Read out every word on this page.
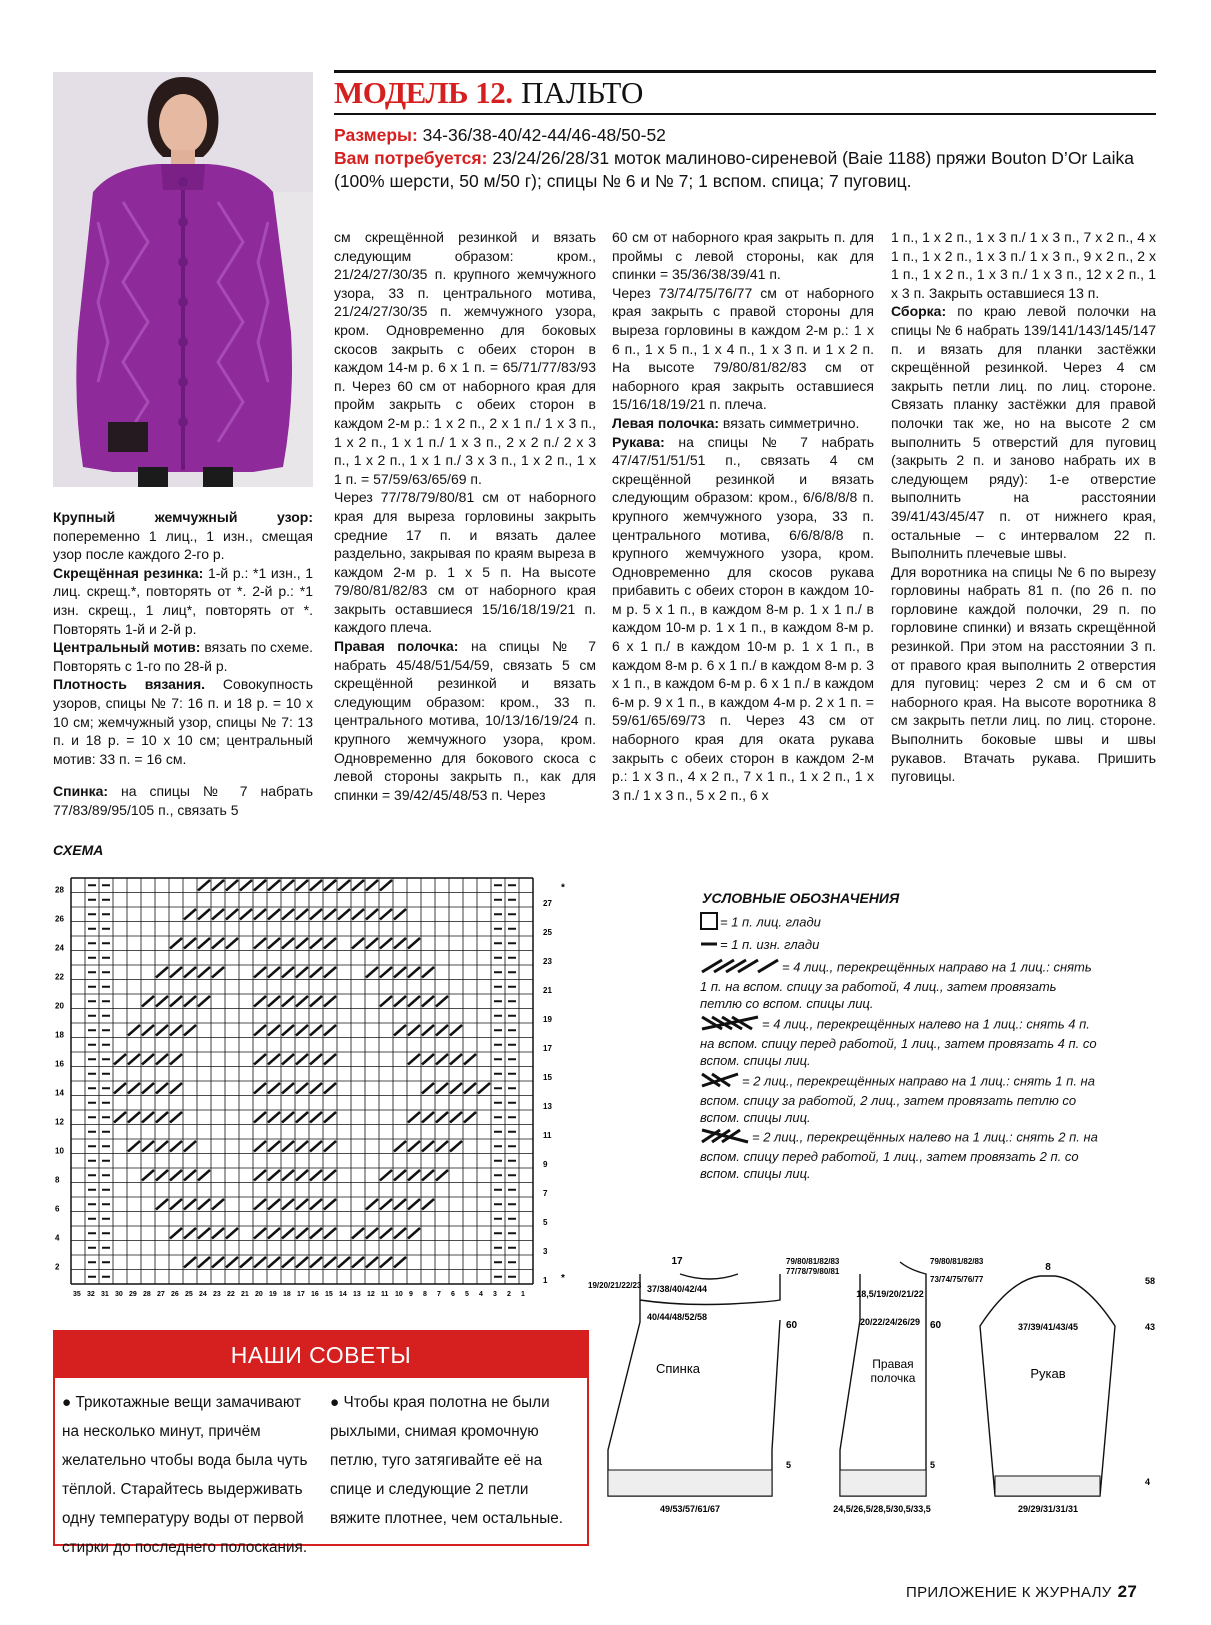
МОДЕЛЬ 12. ПАЛЬТО
Размеры: 34-36/38-40/42-44/46-48/50-52
Вам потребуется: 23/24/26/28/31 моток малиново-сиреневой (Baie 1188) пряжи Bouton D’Or Laika (100% шерсти, 50 м/50 г); спицы № 6 и № 7; 1 вспом. спица; 7 пуговиц.

Крупный жемчужный узор: попеременно 1 лиц., 1 изн., смещая узор после каждого 2-го р.

Скрещённая резинка: 1-й р.: *1 изн., 1 лиц. скрещ.*, повторять от *. 2-й р.: *1 изн. скрещ., 1 лиц*, повторять от *. Повторять 1-й и 2-й р.

Центральный мотив: вязать по схеме. Повторять с 1-го по 28-й р.

Плотность вязания. Совокупность узоров, спицы № 7: 16 п. и 18 р. = 10 x 10 см; жемчужный узор, спицы № 7: 13 п. и 18 р. = 10 x 10 см; центральный мотив: 33 п. = 16 см.

Спинка: на спицы № 7 набрать 77/83/89/95/105 п., связать 5

см скрещённой резинкой и вязать следующим образом: кром., 21/24/27/30/35 п. крупного жемчужного узора, 33 п. центрального мотива, 21/24/27/30/35 п. жемчужного узора, кром. Одновременно для боковых скосов закрыть с обеих сторон в каждом 14-м р. 6 x 1 п. = 65/71/77/83/93 п. Через 60 см от наборного края для пройм закрыть с обеих сторон в каждом 2-м р.: 1 x 2 п., 2 x 1 п./ 1 x 3 п., 1 x 2 п., 1 x 1 п./ 1 x 3 п., 2 x 2 п./ 2 x 3 п., 1 x 2 п., 1 x 1 п./ 3 x 3 п., 1 x 2 п., 1 x 1 п. = 57/59/63/65/69 п.

Через 77/78/79/80/81 см от наборного края для выреза горловины закрыть средние 17 п. и вязать далее раздельно, закрывая по краям выреза в каждом 2-м р. 1 x 5 п. На высоте 79/80/81/82/83 см от наборного края закрыть оставшиеся 15/16/18/19/21 п. каждого плеча.

Правая полочка: на спицы № 7 набрать 45/48/51/54/59, связать 5 см скрещённой резинкой и вязать следующим образом: кром., 33 п. центрального мотива, 10/13/16/19/24 п. крупного жемчужного узора, кром. Одновременно для бокового скоса с левой стороны закрыть п., как для спинки = 39/42/45/48/53 п. Через

60 см от наборного края закрыть п. для проймы с левой стороны, как для спинки = 35/36/38/39/41 п.

Через 73/74/75/76/77 см от наборного края закрыть с правой стороны для выреза горловины в каждом 2-м р.: 1 x 6 п., 1 x 5 п., 1 x 4 п., 1 x 3 п. и 1 x 2 п. На высоте 79/80/81/82/83 см от наборного края закрыть оставшиеся 15/16/18/19/21 п. плеча.

Левая полочка: вязать симметрично.

Рукава: на спицы № 7 набрать 47/47/51/51/51 п., связать 4 см скрещённой резинкой и вязать следующим образом: кром., 6/6/8/8/8 п. крупного жемчужного узора, 33 п. центрального мотива, 6/6/8/8/8 п. крупного жемчужного узора, кром. Одновременно для скосов рукава прибавить с обеих сторон в каждом 10-м р. 5 x 1 п., в каждом 8-м р. 1 x 1 п./ в каждом 10-м р. 1 x 1 п., в каждом 8-м р. 6 x 1 п./ в каждом 10-м р. 1 x 1 п., в каждом 8-м р. 6 x 1 п./ в каждом 8-м р. 3 x 1 п., в каждом 6-м р. 6 x 1 п./ в каждом 6-м р. 9 x 1 п., в каждом 4-м р. 2 x 1 п. = 59/61/65/69/73 п. Через 43 см от наборного края для оката рукава закрыть с обеих сторон в каждом 2-м р.: 1 x 3 п., 4 x 2 п., 7 x 1 п., 1 x 2 п., 1 x 3 п./ 1 x 3 п., 5 x 2 п., 6 x

1 п., 1 x 2 п., 1 x 3 п./ 1 x 3 п., 7 x 2 п., 4 x 1 п., 1 x 2 п., 1 x 3 п./ 1 x 3 п., 9 x 2 п., 2 x 1 п., 1 x 2 п., 1 x 3 п./ 1 x 3 п., 12 x 2 п., 1 x 3 п. Закрыть оставшиеся 13 п.

Сборка: по краю левой полочки на спицы № 6 набрать 139/141/143/145/147 п. и вязать для планки застёжки скрещённой резинкой. Через 4 см закрыть петли лиц. по лиц. стороне. Связать планку застёжки для правой полочки так же, но на высоте 2 см выполнить 5 отверстий для пуговиц (закрыть 2 п. и заново набрать их в следующем ряду): 1-е отверстие выполнить на расстоянии 39/41/43/45/47 п. от нижнего края, остальные – с интервалом 22 п. Выполнить плечевые швы.

Для воротника на спицы № 6 по вырезу горловины набрать 81 п. (по 26 п. по горловине каждой полочки, 29 п. по горловине спинки) и вязать скрещённой резинкой. При этом на расстоянии 3 п. от правого края выполнить 2 отверстия для пуговиц: через 2 см и 6 см от наборного края. На высоте воротника 8 см закрыть петли лиц. по лиц. стороне. Выполнить боковые швы и швы рукавов. Втачать рукава. Пришить пуговицы.

СХЕМА
28
26
24
22
20
18
16
14
12
10
8
6
4
2
27
25
23
21
19
17
15
13
11
9
7
5
3
1
35 32 31 30 29 28 27 26 25 24 23 22 21 20 19 18 17 16 15 14 13 12 11 10 9 8 7 6 5 4 3 2 1
*
*
УСЛОВНЫЕ ОБОЗНАЧЕНИЯ
= 1 п. лиц. глади
= 1 п. изн. глади
= 4 лиц., перекрещённых направо на 1 лиц.: снять 1 п. на вспом. спицу за работой, 4 лиц., затем провязать петлю со вспом. спицы лиц.
= 4 лиц., перекрещённых налево на 1 лиц.: снять 4 п. на вспом. спицу перед работой, 1 лиц., затем провязать 4 п. со вспом. спицы лиц.
= 2 лиц., перекрещённых направо на 1 лиц.: снять 1 п. на вспом. спицу за работой, 2 лиц., затем провязать петлю со вспом. спицы лиц.
= 2 лиц., перекрещённых налево на 1 лиц.: снять 2 п. на вспом. спицу перед работой, 1 лиц., затем провязать 2 п. со вспом. спицы лиц.
НАШИ СОВЕТЫ
● Трикотажные вещи замачивают на несколько минут, причём желательно чтобы вода была чуть тёплой. Старайтесь выдерживать одну температуру воды от первой стирки до последнего полоскания.
● Чтобы края полотна не были рыхлыми, снимая кромочную петлю, туго затягивайте её на спице и следующие 2 петли вяжите плотнее, чем остальные.
Спинка
17
37/38/40/42/44
40/44/48/52/58
49/53/57/61/67
19/20/21/22/23
79/80/81/82/83
77/78/79/80/81
60
5
Правая
полочка
18,5/19/20/21/22
20/22/24/26/29
24,5/26,5/28,5/30,5/33,5
79/80/81/82/83
73/74/75/76/77
60
5
Рукав
8
37/39/41/43/45
29/29/31/31/31
58
43
4
ПРИЛОЖЕНИЕ К ЖУРНАЛУ 27
